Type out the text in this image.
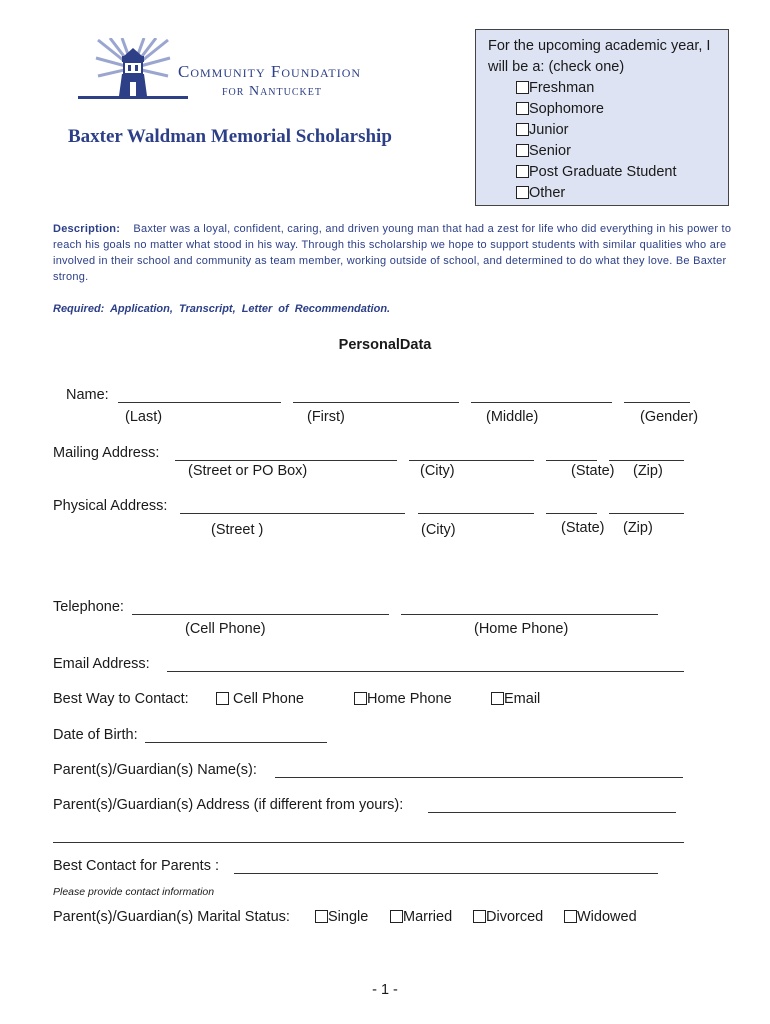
Community Foundation
for Nantucket
Baxter Waldman Memorial Scholarship
For the upcoming academic year, I will be a: (check one)
Freshman
Sophomore
Junior
Senior
Post Graduate Student
Other
Description: Baxter was a loyal, confident, caring, and driven young man that had a zest for life who did everything in his power to reach his goals no matter what stood in his way. Through this scholarship we hope to support students with similar qualities who are involved in their school and community as team member, working outside of school, and determined to do what they love. Be Baxter strong.
Required: Application, Transcript, Letter of Recommendation.
PersonalData
Name:
(Last)	(First)	(Middle)	(Gender)
Mailing Address:
(Street or PO Box)	(City)	(State) (Zip)
Physical Address:
(Street )	(City)	(State) (Zip)
Telephone:
(Cell Phone)	(Home Phone)
Email Address:
Best Way to Contact:	Cell Phone	Home Phone	Email
Date of Birth:
Parent(s)/Guardian(s) Name(s):
Parent(s)/Guardian(s) Address (if different from yours):
Best Contact for Parents :
Please provide contact information
Parent(s)/Guardian(s) Marital Status:	Single	Married	Divorced	Widowed
- 1 -
